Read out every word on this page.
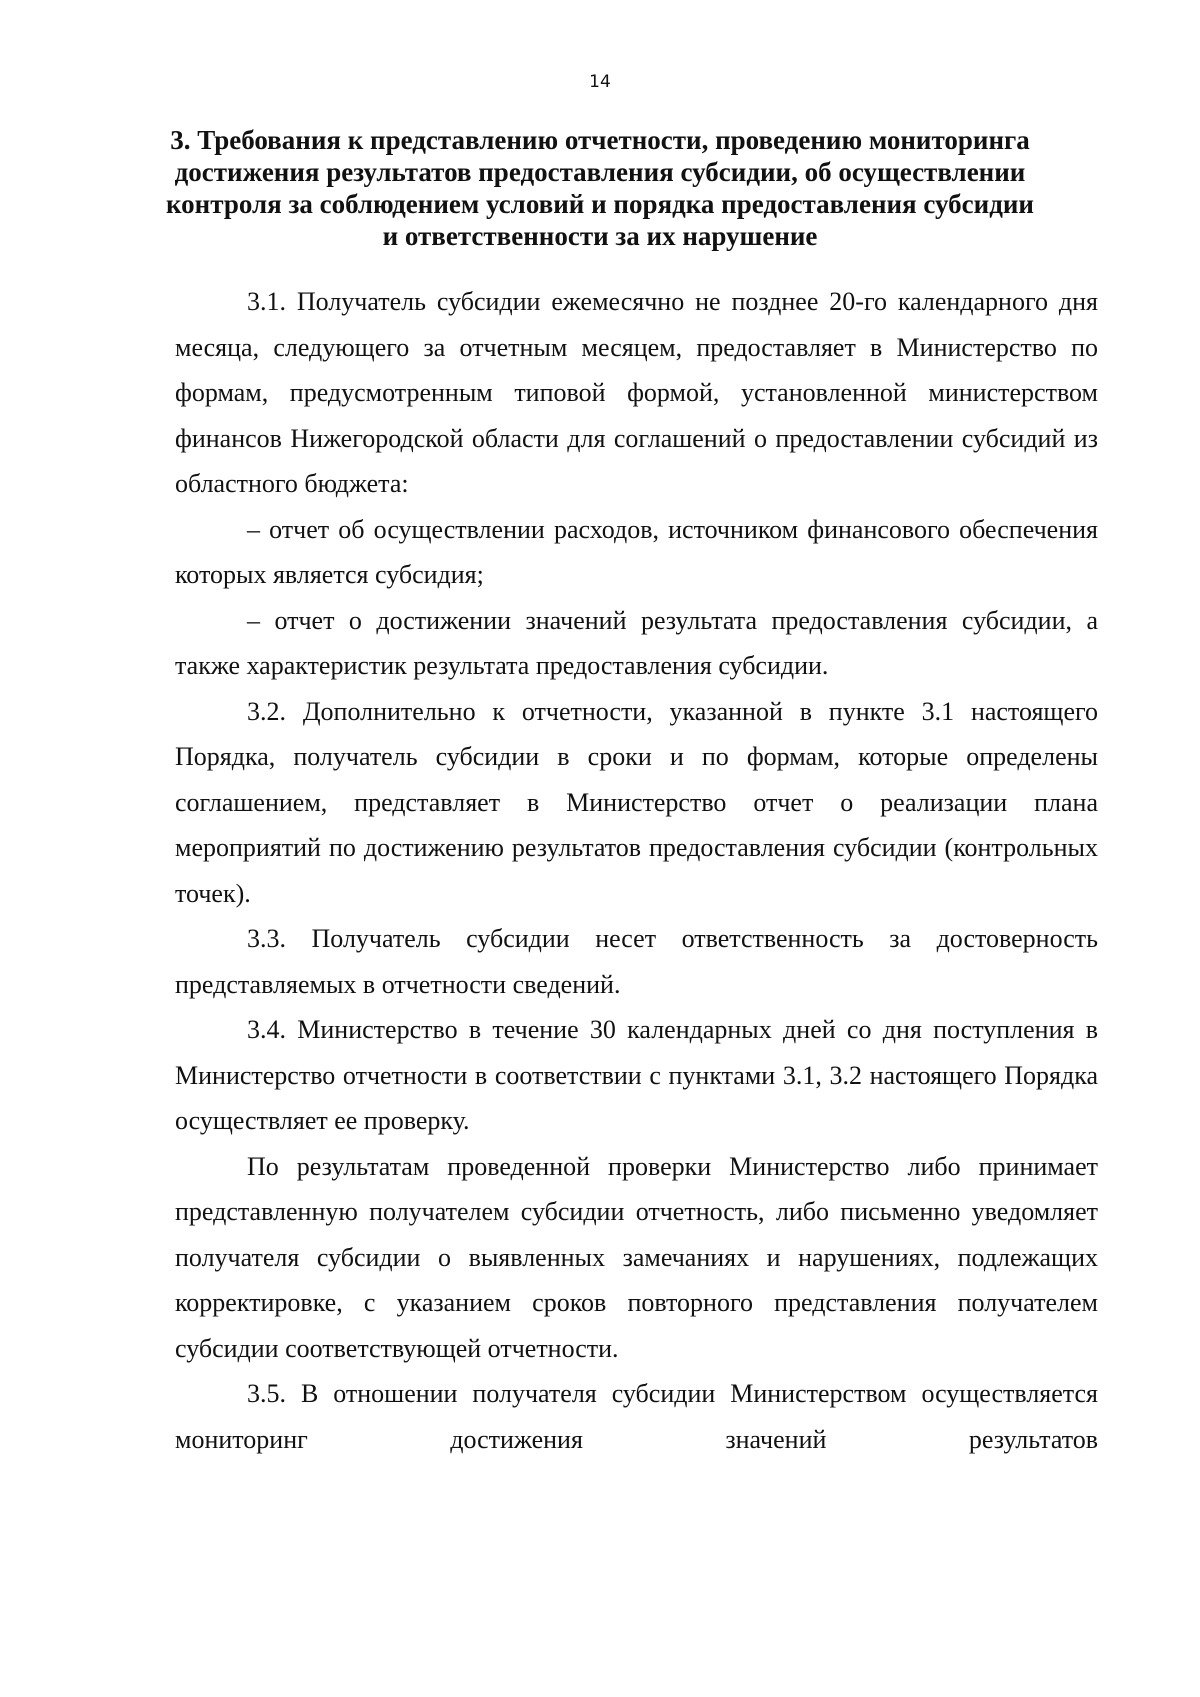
14
3. Требования к представлению отчетности, проведению мониторинга
достижения результатов предоставления субсидии, об осуществлении
контроля за соблюдением условий и порядка предоставления субсидии
и ответственности за их нарушение

3.1. Получатель субсидии ежемесячно не позднее 20-го календарного дня месяца, следующего за отчетным месяцем, предоставляет в Министерство по формам, предусмотренным типовой формой, установленной министерством финансов Нижегородской области для соглашений о предоставлении субсидий из областного бюджета:

– отчет об осуществлении расходов, источником финансового обеспечения которых является субсидия;

– отчет о достижении значений результата предоставления субсидии, а также характеристик результата предоставления субсидии.

3.2. Дополнительно к отчетности, указанной в пункте 3.1 настоящего Порядка, получатель субсидии в сроки и по формам, которые определены соглашением, представляет в Министерство отчет о реализации плана мероприятий по достижению результатов предоставления субсидии (контрольных точек).

3.3. Получатель субсидии несет ответственность за достоверность представляемых в отчетности сведений.

3.4. Министерство в течение 30 календарных дней со дня поступления в Министерство отчетности в соответствии с пунктами 3.1, 3.2 настоящего Порядка осуществляет ее проверку.

По результатам проведенной проверки Министерство либо принимает представленную получателем субсидии отчетность, либо письменно уведомляет получателя субсидии о выявленных замечаниях и нарушениях, подлежащих корректировке, с указанием сроков повторного представления получателем субсидии соответствующей отчетности.

3.5. В отношении получателя субсидии Министерством осуществляется мониторинг достижения значений результатов
